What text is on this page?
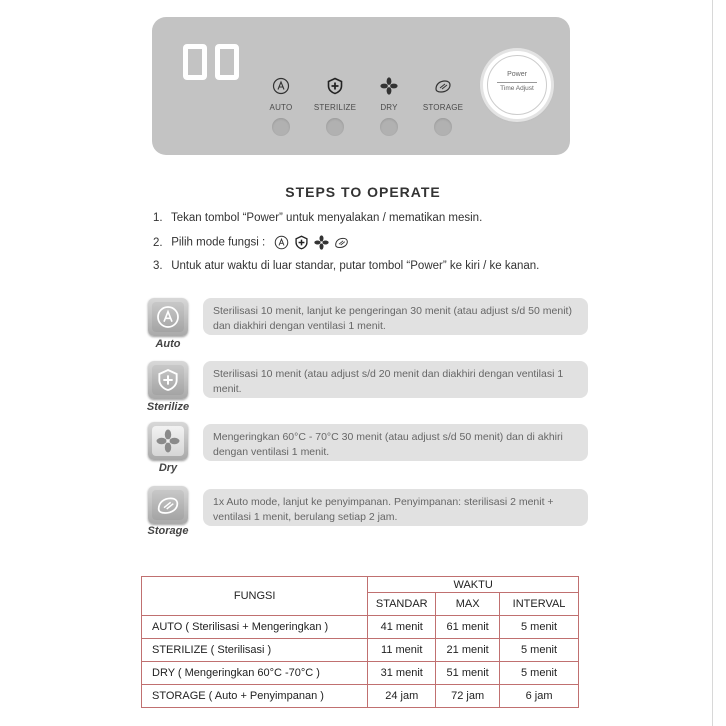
AUTO	STERILIZE	DRY	STORAGE
Power
Time Adjust
STEPS TO OPERATE
1. Tekan tombol “Power” untuk menyalakan / mematikan mesin.
2. Pilih mode fungsi :
3. Untuk atur waktu di luar standar, putar tombol “Power” ke kiri / ke kanan.
Auto
Sterilisasi 10 menit, lanjut ke pengeringan 30 menit (atau adjust s/d 50 menit) dan diakhiri dengan ventilasi 1 menit.
Sterilize
Sterilisasi 10 menit (atau adjust s/d 20 menit dan diakhiri dengan ventilasi 1 menit.
Dry
Mengeringkan 60°C - 70°C 30 menit (atau adjust s/d 50 menit) dan di akhiri dengan ventilasi 1 menit.
Storage
1x Auto mode, lanjut ke penyimpanan. Penyimpanan: sterilisasi 2 menit + ventilasi 1 menit, berulang setiap 2 jam.
FUNGSI	WAKTU		
	STANDAR	MAX	INTERVAL
AUTO ( Sterilisasi + Mengeringkan )	41 menit	61 menit	5 menit
STERILIZE ( Sterilisasi )	11 menit	21 menit	5 menit
DRY ( Mengeringkan 60°C -70°C )	31 menit	51 menit	5 menit
STORAGE ( Auto + Penyimpanan )	24 jam	72 jam	6 jam
